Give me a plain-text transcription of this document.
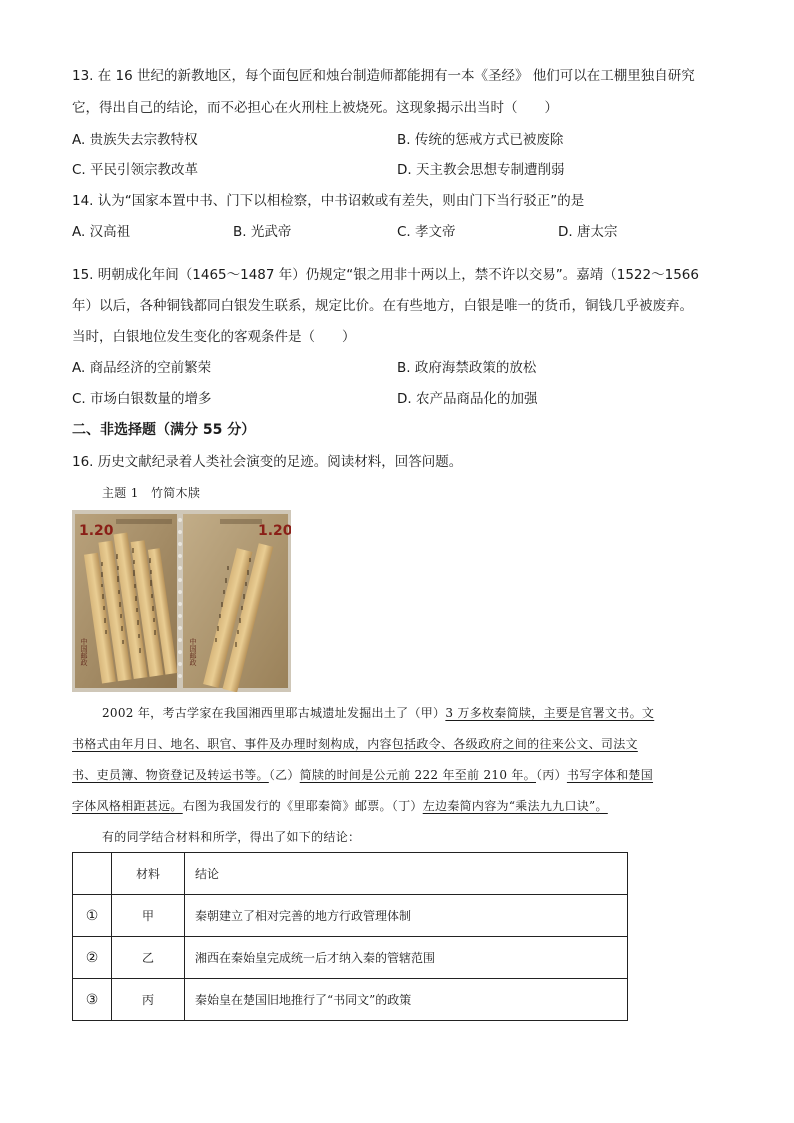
13. 在 16 世纪的新教地区，每个面包匠和烛台制造师都能拥有一本《圣经》 他们可以在工棚里独自研究
它，得出自己的结论，而不必担心在火刑柱上被烧死。这现象揭示出当时（　　）
A. 贵族失去宗教特权	B. 传统的惩戒方式已被废除
C. 平民引领宗教改革	D. 天主教会思想专制遭削弱
14. 认为“国家本置中书、门下以相检察，中书诏敕或有差失，则由门下当行驳正”的是
A. 汉高祖	B. 光武帝	C. 孝文帝	D. 唐太宗
15. 明朝成化年间（1465～1487 年）仍规定“银之用非十两以上，禁不许以交易”。嘉靖（1522～1566
年）以后，各种铜钱都同白银发生联系，规定比价。在有些地方，白银是唯一的货币，铜钱几乎被废弃。
当时，白银地位发生变化的客观条件是（　　）
A. 商品经济的空前繁荣	B. 政府海禁政策的放松
C. 市场白银数量的增多	D. 农产品商品化的加强
二、非选择题（满分 55 分）
16. 历史文献纪录着人类社会演变的足迹。阅读材料，回答问题。
主题 1　竹简木牍
1.20	1.20
中国邮政	中国邮政
2002 年，考古学家在我国湘西里耶古城遗址发掘出土了（甲）3 万多枚秦简牍，主要是官署文书。文
书格式由年月日、地名、职官、事件及办理时刻构成，内容包括政令、各级政府之间的往来公文、司法文
书、吏员簿、物资登记及转运书等。（乙）简牍的时间是公元前 222 年至前 210 年。（丙）书写字体和楚国
字体风格相距甚远。右图为我国发行的《里耶秦简》邮票。（丁）左边秦简内容为“乘法九九口诀”。
有的同学结合材料和所学，得出了如下的结论：
	材料	结论
①	甲	秦朝建立了相对完善的地方行政管理体制
②	乙	湘西在秦始皇完成统一后才纳入秦的管辖范围
③	丙	秦始皇在楚国旧地推行了“书同文”的政策
